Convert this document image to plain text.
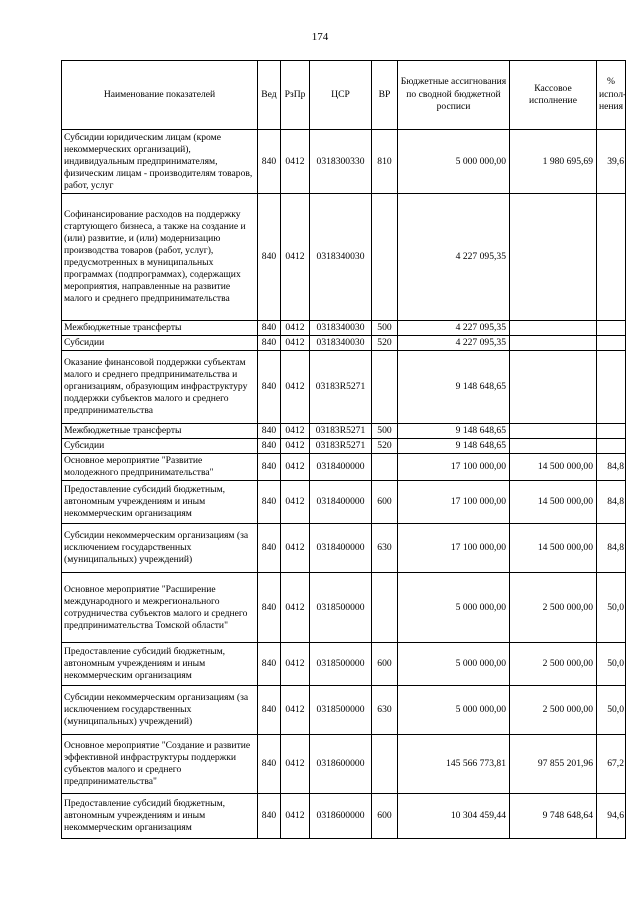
174
Наименование показателей	Вед	РзПр	ЦСР	ВР	Бюджетные ассигнования по сводной бюджетной росписи	Кассовое исполнение	% испол-нения
Субсидии юридическим лицам (кроме некоммерческих организаций), индивидуальным предпринимателям, физическим лицам - производителям товаров, работ, услуг	840	0412	0318300330	810	5 000 000,00	1 980 695,69	39,6
Софинансирование расходов на поддержку стартующего бизнеса, а также на создание и (или) развитие, и (или) модернизацию производства товаров (работ, услуг), предусмотренных в муниципальных программах (подпрограммах), содержащих мероприятия, направленные на развитие малого и среднего предпринимательства	840	0412	0318340030		4 227 095,35		
Межбюджетные трансферты	840	0412	0318340030	500	4 227 095,35		
Субсидии	840	0412	0318340030	520	4 227 095,35		
Оказание финансовой поддержки субъектам малого и среднего предпринимательства и организациям, образующим инфраструктуру поддержки субъектов малого и среднего предпринимательства	840	0412	03183R5271		9 148 648,65		
Межбюджетные трансферты	840	0412	03183R5271	500	9 148 648,65		
Субсидии	840	0412	03183R5271	520	9 148 648,65		
Основное мероприятие "Развитие молодежного предпринимательства"	840	0412	0318400000		17 100 000,00	14 500 000,00	84,8
Предоставление субсидий бюджетным, автономным учреждениям и иным некоммерческим организациям	840	0412	0318400000	600	17 100 000,00	14 500 000,00	84,8
Субсидии некоммерческим организациям (за исключением государственных (муниципальных) учреждений)	840	0412	0318400000	630	17 100 000,00	14 500 000,00	84,8
Основное мероприятие "Расширение международного и межрегионального сотрудничества субъектов малого и среднего предпринимательства Томской области"	840	0412	0318500000		5 000 000,00	2 500 000,00	50,0
Предоставление субсидий бюджетным, автономным учреждениям и иным некоммерческим организациям	840	0412	0318500000	600	5 000 000,00	2 500 000,00	50,0
Субсидии некоммерческим организациям (за исключением государственных (муниципальных) учреждений)	840	0412	0318500000	630	5 000 000,00	2 500 000,00	50,0
Основное мероприятие "Создание и развитие эффективной инфраструктуры поддержки субъектов малого и среднего предпринимательства"	840	0412	0318600000		145 566 773,81	97 855 201,96	67,2
Предоставление субсидий бюджетным, автономным учреждениям и иным некоммерческим организациям	840	0412	0318600000	600	10 304 459,44	9 748 648,64	94,6
